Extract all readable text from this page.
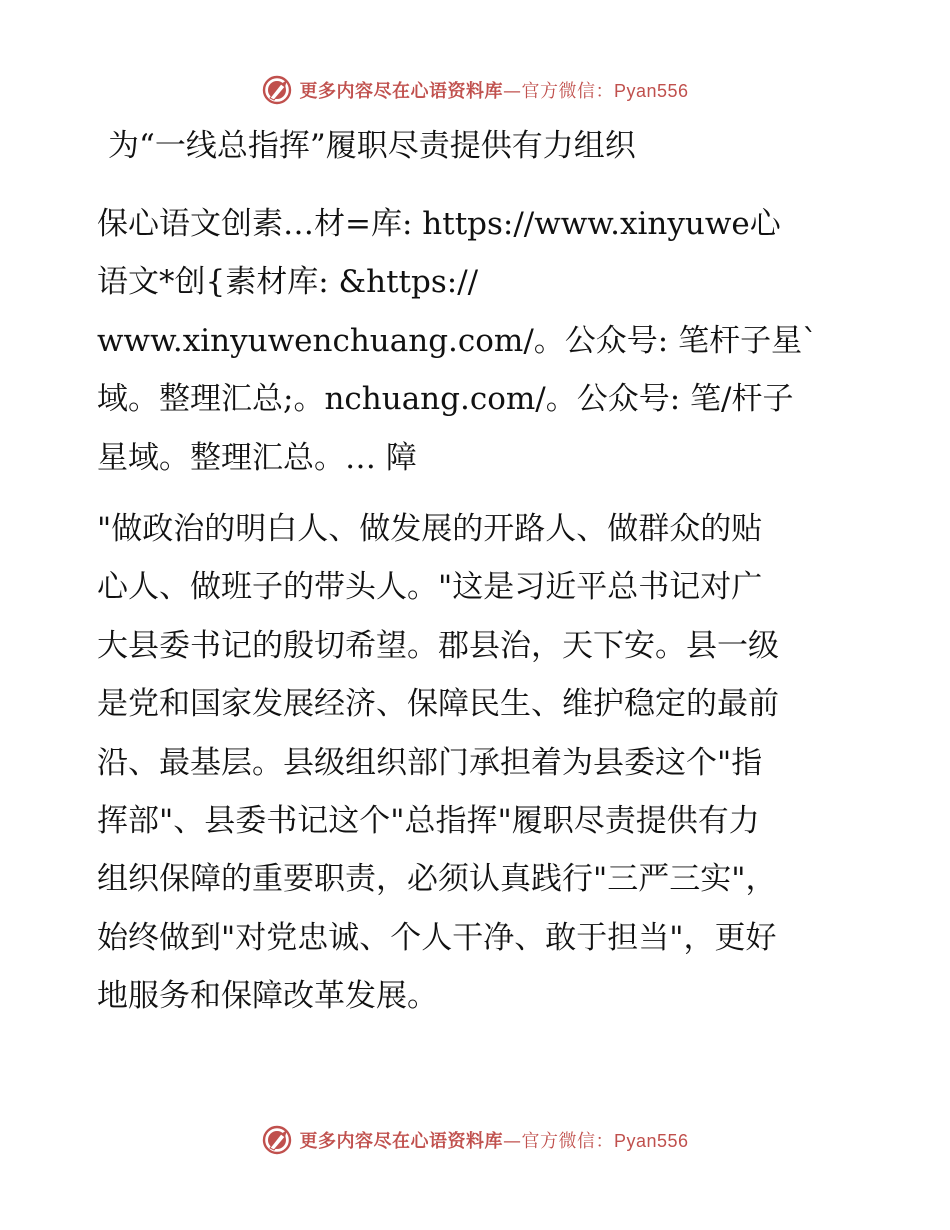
更多内容尽在心语资料库—官方微信：Pyan556
为“一线总指挥”履职尽责提供有力组织
保心语文创素…材=库: https://www.xinyuwe心
语文*创{素材库: &https://
www.xinyuwenchuang.com/。公众号: 笔杆子星`
域。整理汇总;。nchuang.com/。公众号: 笔/杆子
星域。整理汇总。… 障
"做政治的明白人、做发展的开路人、做群众的贴
心人、做班子的带头人。"这是习近平总书记对广
大县委书记的殷切希望。郡县治，天下安。县一级
是党和国家发展经济、保障民生、维护稳定的最前
沿、最基层。县级组织部门承担着为县委这个"指
挥部"、县委书记这个"总指挥"履职尽责提供有力
组织保障的重要职责，必须认真践行"三严三实"，
始终做到"对党忠诚、个人干净、敢于担当"，更好
地服务和保障改革发展。
更多内容尽在心语资料库—官方微信：Pyan556
